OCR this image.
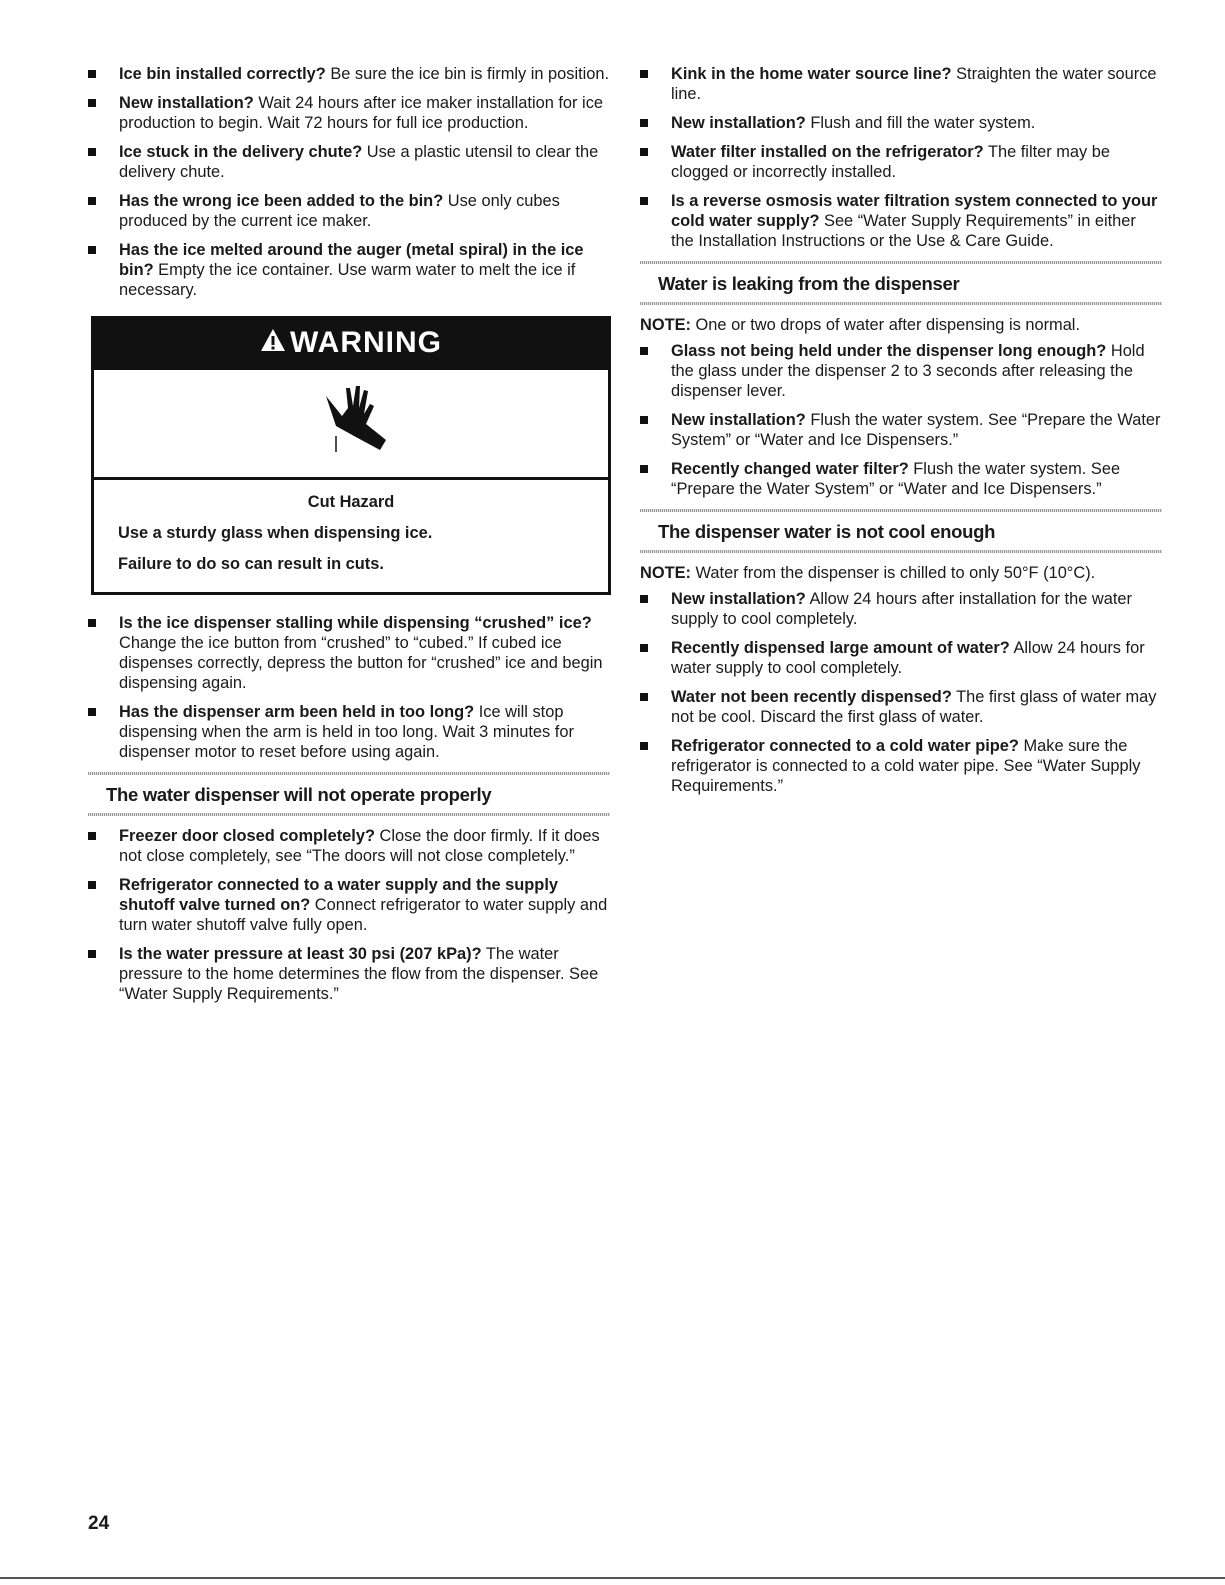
Ice bin installed correctly? Be sure the ice bin is firmly in position.
New installation? Wait 24 hours after ice maker installation for ice production to begin. Wait 72 hours for full ice production.
Ice stuck in the delivery chute? Use a plastic utensil to clear the delivery chute.
Has the wrong ice been added to the bin? Use only cubes produced by the current ice maker.
Has the ice melted around the auger (metal spiral) in the ice bin? Empty the ice container. Use warm water to melt the ice if necessary.
WARNING
Cut Hazard
Use a sturdy glass when dispensing ice.
Failure to do so can result in cuts.
Is the ice dispenser stalling while dispensing “crushed” ice? Change the ice button from “crushed” to “cubed.” If cubed ice dispenses correctly, depress the button for “crushed” ice and begin dispensing again.
Has the dispenser arm been held in too long? Ice will stop dispensing when the arm is held in too long. Wait 3 minutes for dispenser motor to reset before using again.
The water dispenser will not operate properly
Freezer door closed completely? Close the door firmly. If it does not close completely, see “The doors will not close completely.”
Refrigerator connected to a water supply and the supply shutoff valve turned on? Connect refrigerator to water supply and turn water shutoff valve fully open.
Is the water pressure at least 30 psi (207 kPa)? The water pressure to the home determines the flow from the dispenser. See “Water Supply Requirements.”
Kink in the home water source line? Straighten the water source line.
New installation? Flush and fill the water system.
Water filter installed on the refrigerator? The filter may be clogged or incorrectly installed.
Is a reverse osmosis water filtration system connected to your cold water supply? See “Water Supply Requirements” in either the Installation Instructions or the Use & Care Guide.
Water is leaking from the dispenser
NOTE: One or two drops of water after dispensing is normal.
Glass not being held under the dispenser long enough? Hold the glass under the dispenser 2 to 3 seconds after releasing the dispenser lever.
New installation? Flush the water system. See “Prepare the Water System” or “Water and Ice Dispensers.”
Recently changed water filter? Flush the water system. See “Prepare the Water System” or “Water and Ice Dispensers.”
The dispenser water is not cool enough
NOTE: Water from the dispenser is chilled to only 50°F (10°C).
New installation? Allow 24 hours after installation for the water supply to cool completely.
Recently dispensed large amount of water? Allow 24 hours for water supply to cool completely.
Water not been recently dispensed? The first glass of water may not be cool. Discard the first glass of water.
Refrigerator connected to a cold water pipe? Make sure the refrigerator is connected to a cold water pipe. See “Water Supply Requirements.”
24
